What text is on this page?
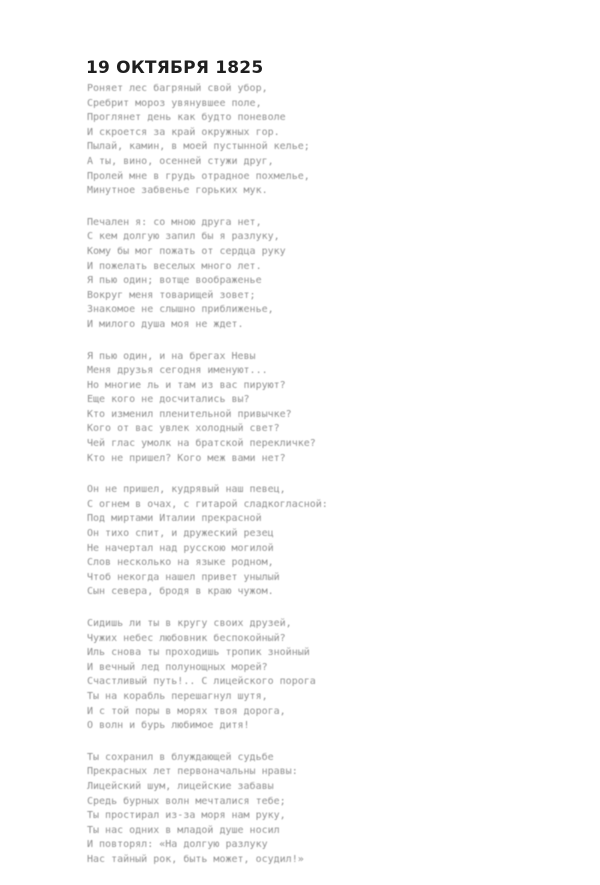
19 ОКТЯБРЯ 1825
Роняет лес багряный свой убор,
Сребрит мороз увянувшее поле,
Проглянет день как будто поневоле
И скроется за край окружных гор.
Пылай, камин, в моей пустынной келье;
А ты, вино, осенней стужи друг,
Пролей мне в грудь отрадное похмелье,
Минутное забвенье горьких мук.
Печален я: со мною друга нет,
С кем долгую запил бы я разлуку,
Кому бы мог пожать от сердца руку
И пожелать веселых много лет.
Я пью один; вотще воображенье
Вокруг меня товарищей зовет;
Знакомое не слышно приближенье,
И милого душа моя не ждет.
Я пью один, и на брегах Невы
Меня друзья сегодня именуют...
Но многие ль и там из вас пируют?
Еще кого не досчитались вы?
Кто изменил пленительной привычке?
Кого от вас увлек холодный свет?
Чей глас умолк на братской перекличке?
Кто не пришел? Кого меж вами нет?
Он не пришел, кудрявый наш певец,
С огнем в очах, с гитарой сладкогласной:
Под миртами Италии прекрасной
Он тихо спит, и дружеский резец
Не начертал над русскою могилой
Слов несколько на языке родном,
Чтоб некогда нашел привет унылый
Сын севера, бродя в краю чужом.
Сидишь ли ты в кругу своих друзей,
Чужих небес любовник беспокойный?
Иль снова ты проходишь тропик знойный
И вечный лед полунощных морей?
Счастливый путь!.. С лицейского порога
Ты на корабль перешагнул шутя,
И с той поры в морях твоя дорога,
О волн и бурь любимое дитя!
Ты сохранил в блуждающей судьбе
Прекрасных лет первоначальны нравы:
Лицейский шум, лицейские забавы
Средь бурных волн мечталися тебе;
Ты простирал из-за моря нам руку,
Ты нас одних в младой душе носил
И повторял: «На долгую разлуку
Нас тайный рок, быть может, осудил!»
